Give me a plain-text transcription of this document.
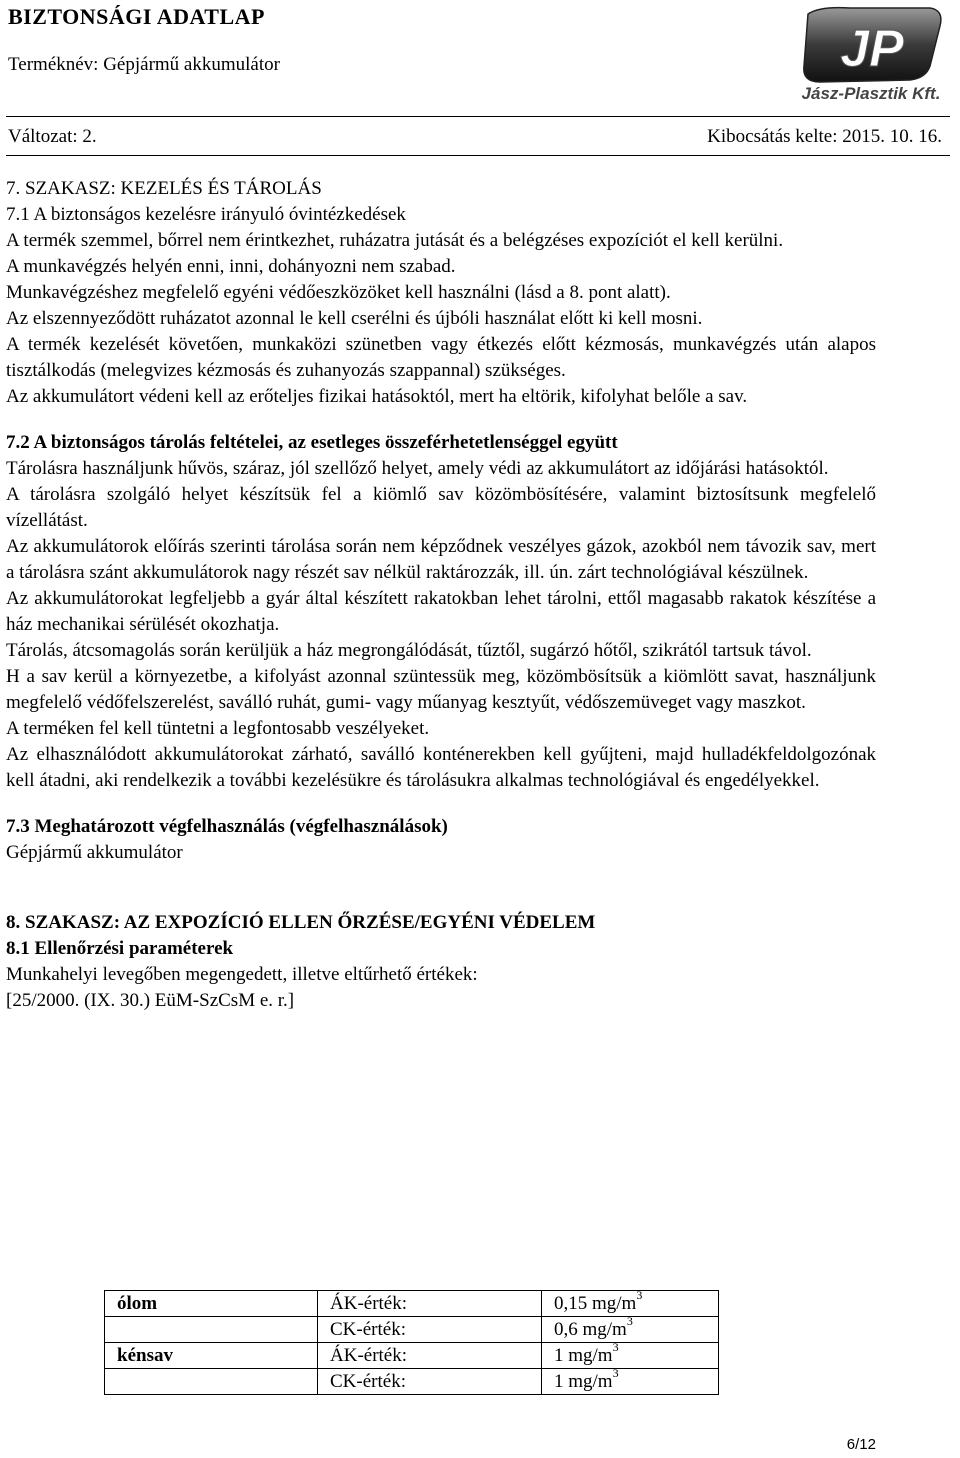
BIZTONSÁGI ADATLAP
Terméknév: Gépjármű akkumulátor
Változat: 2.	Kibocsátás kelte: 2015. 10. 16.
JP
Jász-Plasztik Kft.

7. SZAKASZ: KEZELÉS ÉS TÁROLÁS

7.1 A biztonságos kezelésre irányuló óvintézkedések

A termék szemmel, bőrrel nem érintkezhet, ruházatra jutását és a belégzéses expozíciót el kell kerülni.

A munkavégzés helyén enni, inni, dohányozni nem szabad.

Munkavégzéshez megfelelő egyéni védőeszközöket kell használni (lásd a 8. pont alatt).

Az elszennyeződött ruházatot azonnal le kell cserélni és újbóli használat előtt ki kell mosni.

A termék kezelését követően, munkaközi szünetben vagy étkezés előtt kézmosás, munkavégzés után alapos tisztálkodás (melegvizes kézmosás és zuhanyozás szappannal) szükséges.

Az akkumulátort védeni kell az erőteljes fizikai hatásoktól, mert ha eltörik, kifolyhat belőle a sav.

7.2 A biztonságos tárolás feltételei, az esetleges összeférhetetlenséggel együtt

Tárolásra használjunk hűvös, száraz, jól szellőző helyet, amely védi az akkumulátort az időjárási hatásoktól.

A tárolásra szolgáló helyet készítsük fel a kiömlő sav közömbösítésére, valamint biztosítsunk megfelelő vízellátást.

Az akkumulátorok előírás szerinti tárolása során nem képződnek veszélyes gázok, azokból nem távozik sav, mert a tárolásra szánt akkumulátorok nagy részét sav nélkül raktározzák, ill. ún. zárt technológiával készülnek.

Az akkumulátorokat legfeljebb a gyár által készített rakatokban lehet tárolni, ettől magasabb rakatok készítése a ház mechanikai sérülését okozhatja.

Tárolás, átcsomagolás során kerüljük a ház megrongálódását, tűztől, sugárzó hőtől, szikrától tartsuk távol.

H a sav kerül a környezetbe, a kifolyást azonnal szüntessük meg, közömbösítsük a kiömlött savat, használjunk megfelelő védőfelszerelést, saválló ruhát, gumi- vagy műanyag kesztyűt, védőszemüveget vagy maszkot.

A terméken fel kell tüntetni a legfontosabb veszélyeket.

Az elhasználódott akkumulátorokat zárható, saválló konténerekben kell gyűjteni, majd hulladékfeldolgozónak kell átadni, aki rendelkezik a további kezelésükre és tárolásukra alkalmas technológiával és engedélyekkel.

7.3 Meghatározott végfelhasználás (végfelhasználások)

Gépjármű akkumulátor

8. SZAKASZ: AZ EXPOZÍCIÓ ELLEN ŐRZÉSE/EGYÉNI VÉDELEM

8.1 Ellenőrzési paraméterek

Munkahelyi levegőben megengedett, illetve eltűrhető értékek:

[25/2000. (IX. 30.) EüM-SzCsM e. r.]

ólom	ÁK-érték:	0,15 $mg/m^3$
	CK-érték:	0,6 $mg/m^3$
kénsav	ÁK-érték:	1 $mg/m^3$
	CK-érték:	1 $mg/m^3$
6/12
